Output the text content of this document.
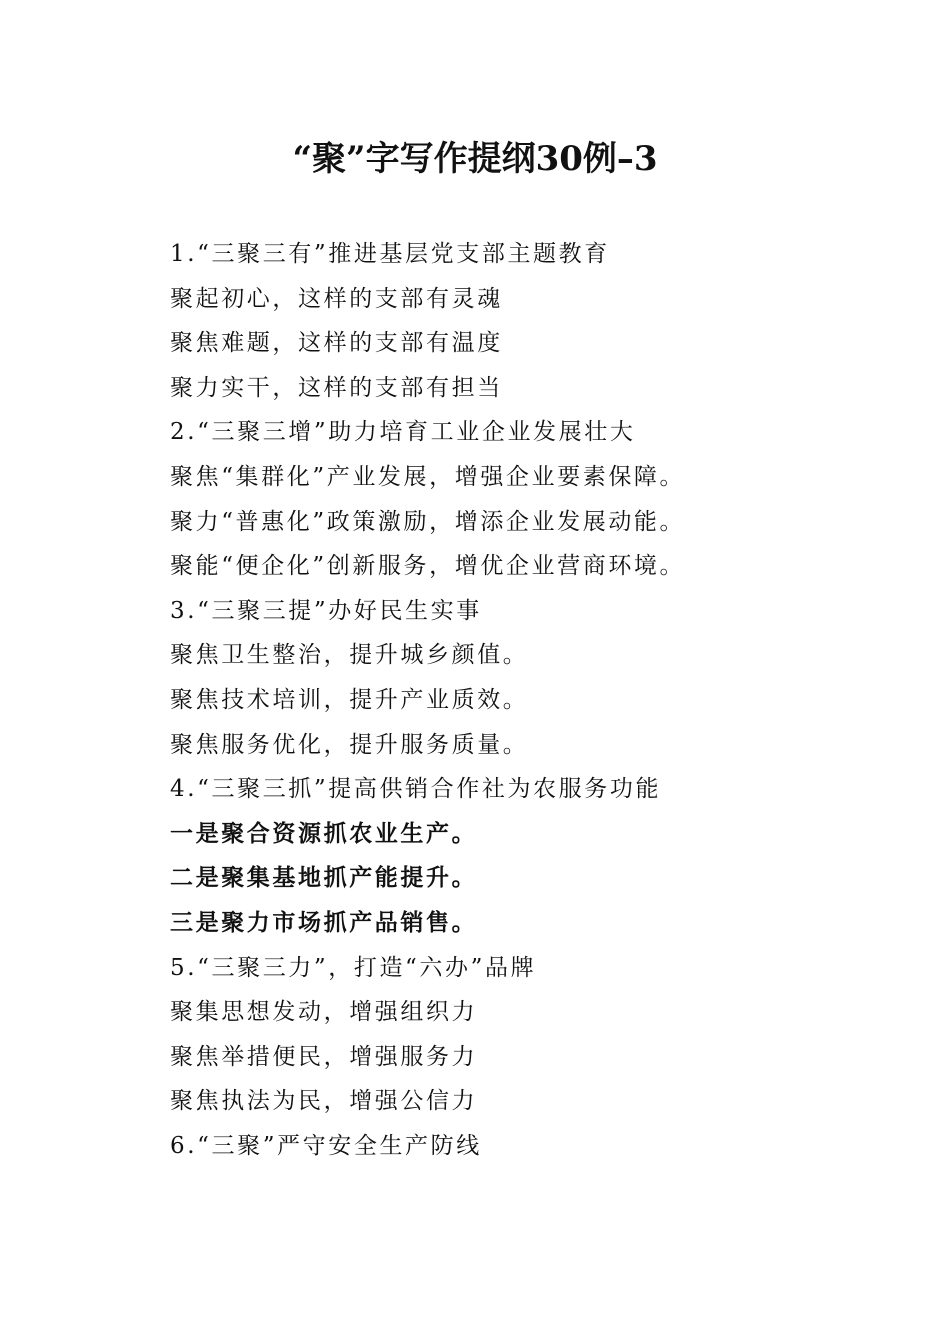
“聚”字写作提纲30例–3
1.“三聚三有”推进基层党支部主题教育
聚起初心，这样的支部有灵魂
聚焦难题，这样的支部有温度
聚力实干，这样的支部有担当
2.“三聚三增”助力培育工业企业发展壮大
聚焦“集群化”产业发展，增强企业要素保障。
聚力“普惠化”政策激励，增添企业发展动能。
聚能“便企化”创新服务，增优企业营商环境。
3.“三聚三提”办好民生实事
聚焦卫生整治，提升城乡颜值。
聚焦技术培训，提升产业质效。
聚焦服务优化，提升服务质量。
4.“三聚三抓”提高供销合作社为农服务功能
一是聚合资源抓农业生产。
二是聚集基地抓产能提升。
三是聚力市场抓产品销售。
5.“三聚三力”，打造“六办”品牌
聚集思想发动，增强组织力
聚焦举措便民，增强服务力
聚焦执法为民，增强公信力
6.“三聚”严守安全生产防线
